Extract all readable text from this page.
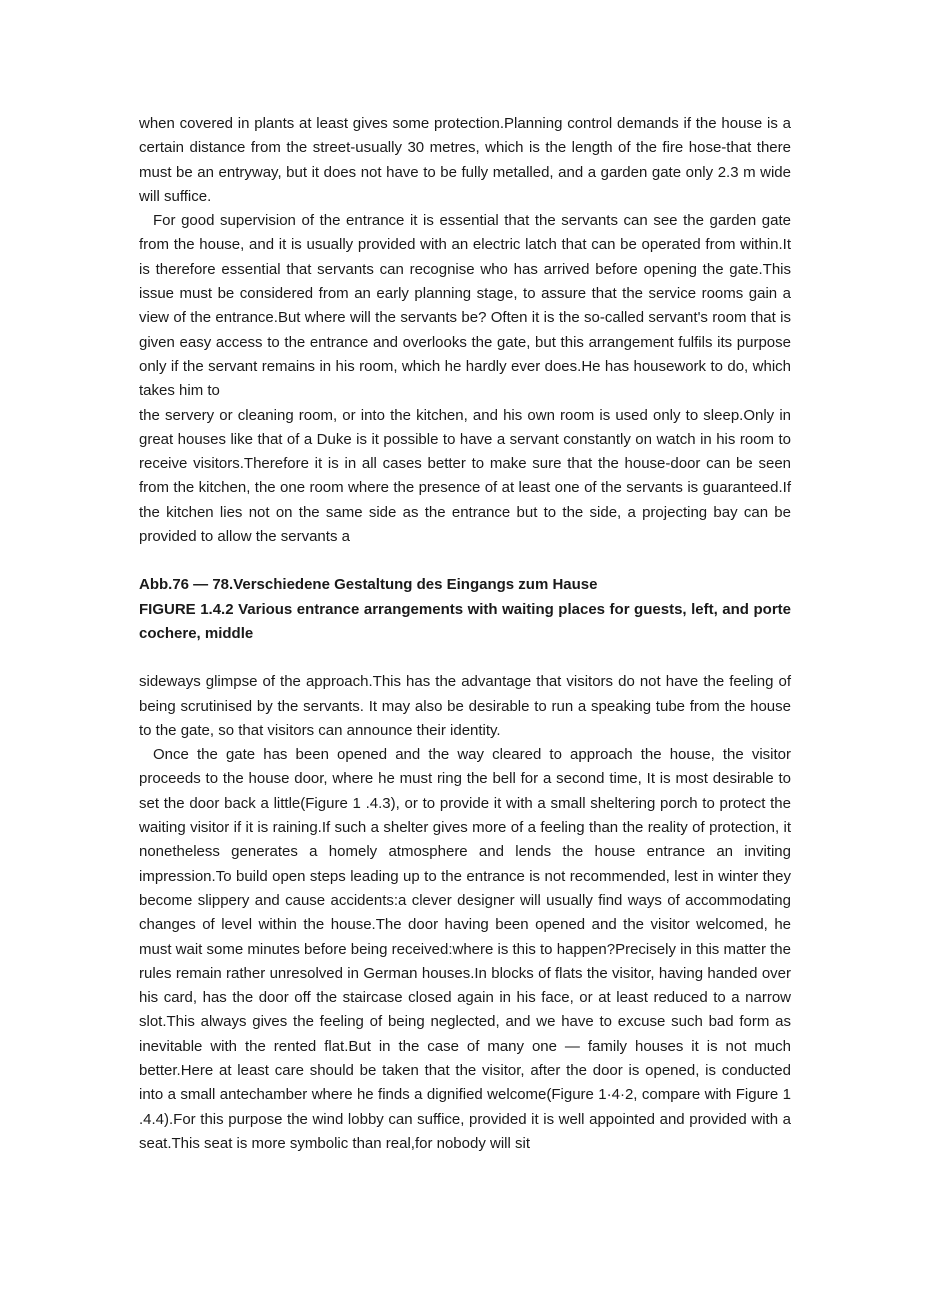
when covered in plants at least gives some protection.Planning control demands if the house is a certain distance from the street-usually 30 metres, which is the length of the fire hose-that there must be an entryway, but it does not have to be fully metalled, and a garden gate only 2.3 m wide will suffice.

For good supervision of the entrance it is essential that the servants can see the garden gate from the house, and it is usually provided with an electric latch that can be operated from within.It is therefore essential that servants can recognise who has arrived before opening the gate.This issue must be considered from an early planning stage, to assure that the service rooms gain a view of the entrance.But where will the servants be? Often it is the so-called servant's room that is given easy access to the entrance and overlooks the gate, but this arrangement fulfils its purpose only if the servant remains in his room, which he hardly ever does.He has housework to do, which takes him to

the servery or cleaning room, or into the kitchen, and his own room is used only to sleep.Only in great houses like that of a Duke is it possible to have a servant constantly on watch in his room to receive visitors.Therefore it is in all cases better to make sure that the house-door can be seen from the kitchen, the one room where the presence of at least one of the servants is guaranteed.If the kitchen lies not on the same side as the entrance but to the side, a projecting bay can be provided to allow the servants a

Abb.76 — 78.Verschiedene Gestaltung des Eingangs zum Hause

FIGURE 1.4.2 Various entrance arrangements with waiting places for guests, left, and porte cochere, middle

sideways glimpse of the approach.This has the advantage that visitors do not have the feeling of being scrutinised by the servants. It may also be desirable to run a speaking tube from the house to the gate, so that visitors can announce their identity.

Once the gate has been opened and the way cleared to approach the house, the visitor proceeds to the house door, where he must ring the bell for a second time, It is most desirable to set the door back a little(Figure 1 .4.3), or to provide it with a small sheltering porch to protect the waiting visitor if it is raining.If such a shelter gives more of a feeling than the reality of protection, it nonetheless generates a homely atmosphere and lends the house entrance an inviting impression.To build open steps leading up to the entrance is not recommended, lest in winter they become slippery and cause accidents:a clever designer will usually find ways of accommodating changes of level within the house.The door having been opened and the visitor welcomed, he must wait some minutes before being received:where is this to happen?Precisely in this matter the rules remain rather unresolved in German houses.In blocks of flats the visitor, having handed over his card, has the door off the staircase closed again in his face, or at least reduced to a narrow slot.This always gives the feeling of being neglected, and we have to excuse such bad form as inevitable with the rented flat.But in the case of many one — family houses it is not much better.Here at least care should be taken that the visitor, after the door is opened, is conducted into a small antechamber where he finds a dignified welcome(Figure 1·4·2, compare with Figure 1 .4.4).For this purpose the wind lobby can suffice, provided it is well appointed and provided with a seat.This seat is more symbolic than real,for nobody will sit
